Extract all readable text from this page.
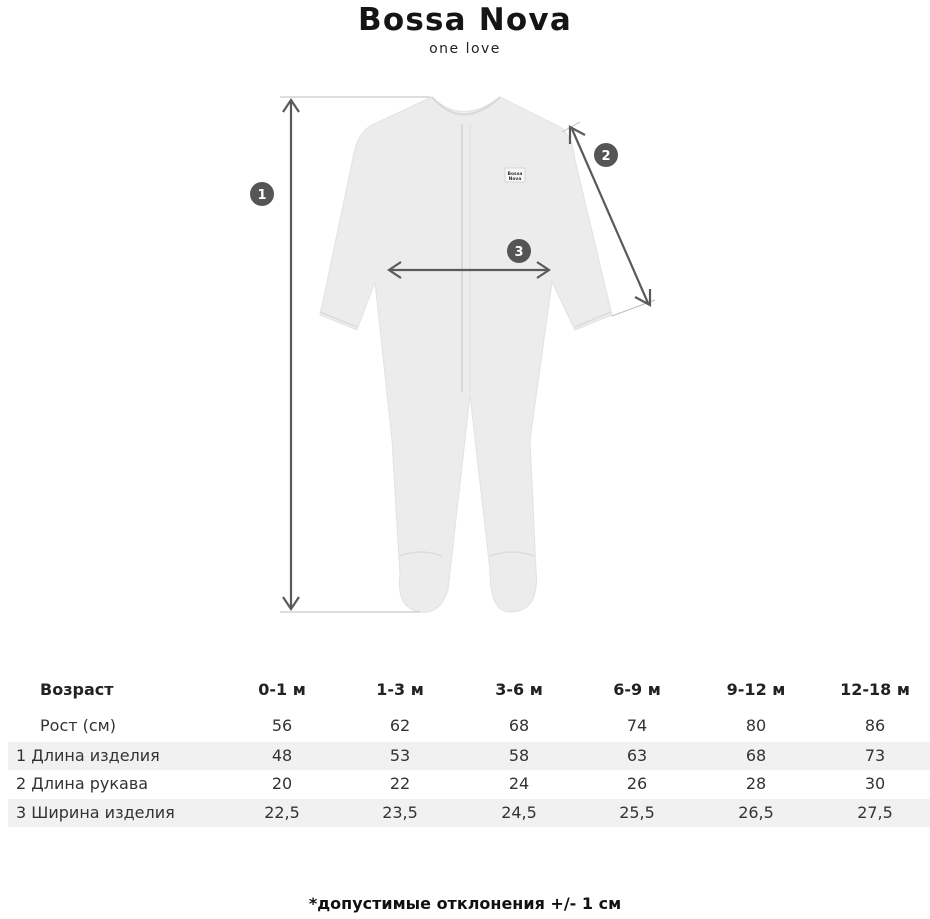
Bossa Nova
one love
Bossa
Nova
1
2
3
Возраст	0-1 м	1-3 м	3-6 м	6-9 м	9-12 м	12-18 м
Рост (см)	56	62	68	74	80	86
1 Длина изделия	48	53	58	63	68	73
2 Длина рукава	20	22	24	26	28	30
3 Ширина изделия	22,5	23,5	24,5	25,5	26,5	27,5
*допустимые отклонения +/- 1 см
